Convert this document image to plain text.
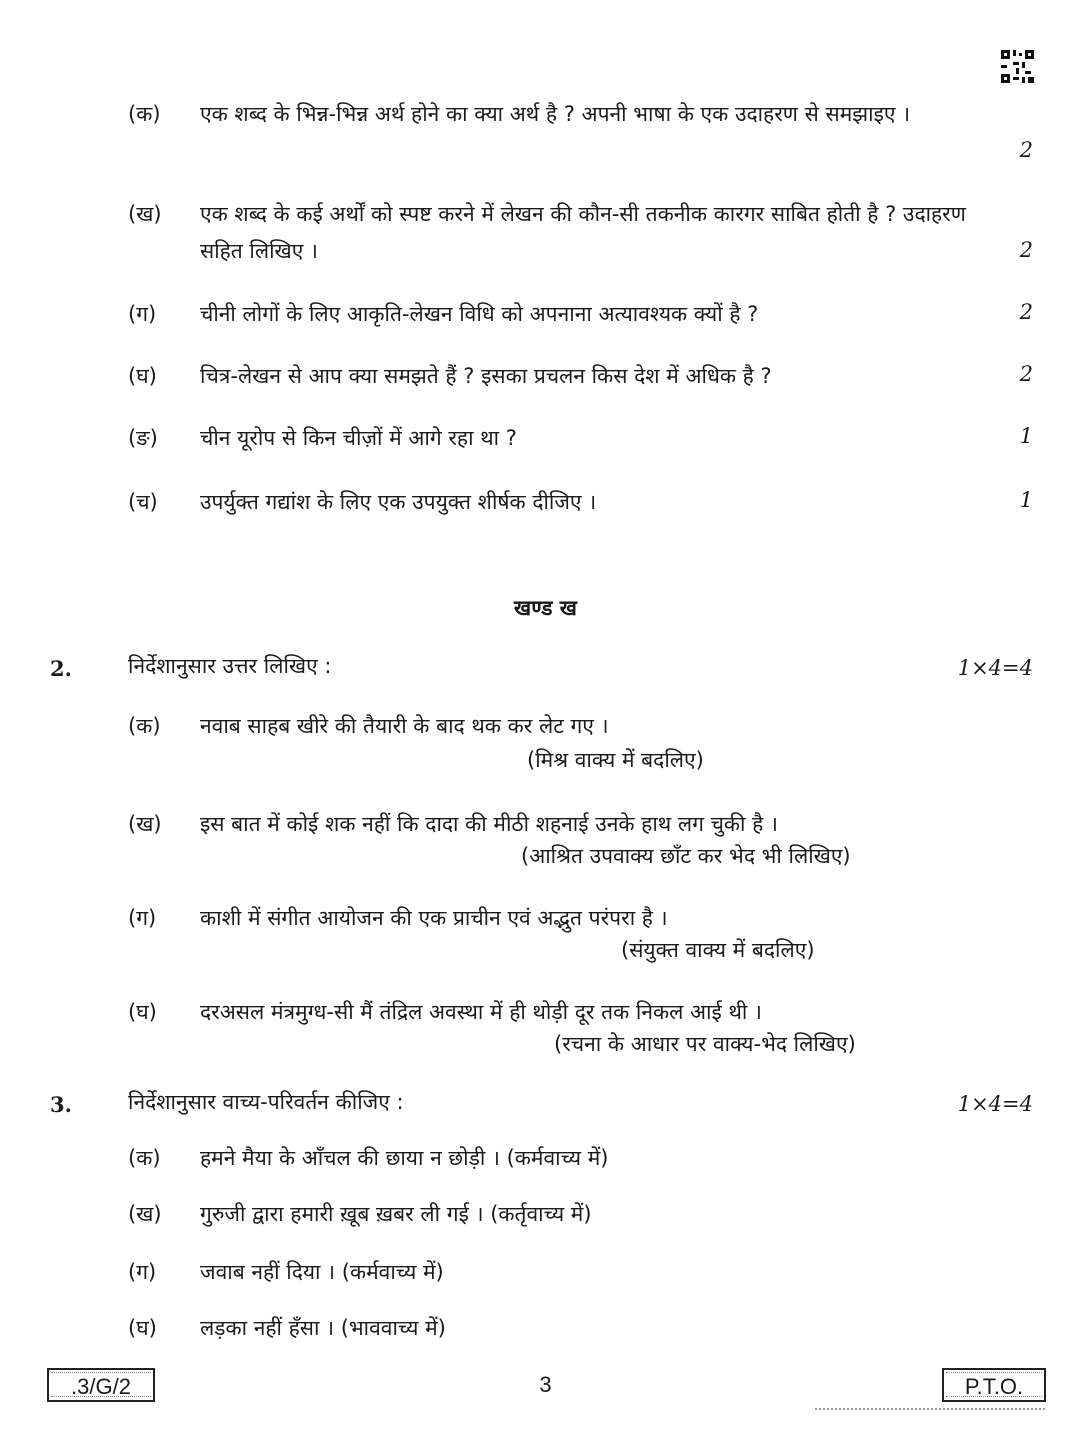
(क) एक शब्द के भिन्न-भिन्न अर्थ होने का क्या अर्थ है ? अपनी भाषा के एक उदाहरण से समझाइए ।
2
(ख) एक शब्द के कई अर्थों को स्पष्ट करने में लेखन की कौन-सी तकनीक कारगर साबित होती है ? उदाहरण सहित लिखिए ।	2
(ग) चीनी लोगों के लिए आकृति-लेखन विधि को अपनाना अत्यावश्यक क्यों है ?	2
(घ) चित्र-लेखन से आप क्या समझते हैं ? इसका प्रचलन किस देश में अधिक है ?	2
(ङ) चीन यूरोप से किन चीज़ों में आगे रहा था ?	1
(च) उपर्युक्त गद्यांश के लिए एक उपयुक्त शीर्षक दीजिए ।	1
खण्ड ख
2.	निर्देशानुसार उत्तर लिखिए :	1×4=4
(क) नवाब साहब खीरे की तैयारी के बाद थक कर लेट गए ।
(मिश्र वाक्य में बदलिए)
(ख) इस बात में कोई शक नहीं कि दादा की मीठी शहनाई उनके हाथ लग चुकी है ।
(आश्रित उपवाक्य छाँट कर भेद भी लिखिए)
(ग) काशी में संगीत आयोजन की एक प्राचीन एवं अद्भुत परंपरा है ।
(संयुक्त वाक्य में बदलिए)
(घ) दरअसल मंत्रमुग्ध-सी मैं तंद्रिल अवस्था में ही थोड़ी दूर तक निकल आई थी ।
(रचना के आधार पर वाक्य-भेद लिखिए)
3.	निर्देशानुसार वाच्य-परिवर्तन कीजिए :	1×4=4
(क) हमने मैया के आँचल की छाया न छोड़ी । (कर्मवाच्य में)
(ख) गुरुजी द्वारा हमारी ख़ूब ख़बर ली गई । (कर्तृवाच्य में)
(ग) जवाब नहीं दिया । (कर्मवाच्य में)
(घ) लड़का नहीं हँसा । (भाववाच्य में)
.3/G/2	3	P.T.O.
